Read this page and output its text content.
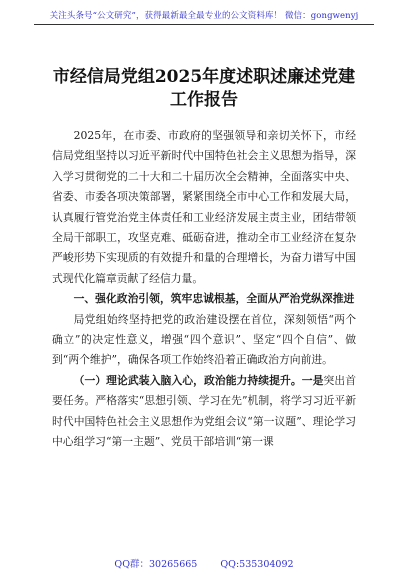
关注头条号“公文研究”，获得最新最全最专业的公文资料库！ 微信：gongwenyj
市经信局党组2025年度述职述廉述党建
工作报告

2025年，在市委、市政府的坚强领导和亲切关怀下，市经信局党组坚持以习近平新时代中国特色社会主义思想为指导，深入学习贯彻党的二十大和二十届历次全会精神，全面落实中央、省委、市委各项决策部署，紧紧围绕全市中心工作和发展大局，认真履行管党治党主体责任和工业经济发展主责主业，团结带领全局干部职工，攻坚克难、砥砺奋进，推动全市工业经济在复杂严峻形势下实现质的有效提升和量的合理增长，为奋力谱写中国式现代化篇章贡献了经信力量。

一、强化政治引领，筑牢忠诚根基，全面从严治党纵深推进

局党组始终坚持把党的政治建设摆在首位，深刻领悟“两个确立”的决定性意义，增强“四个意识”、坚定“四个自信”、做到“两个维护”，确保各项工作始终沿着正确政治方向前进。

（一）理论武装入脑入心，政治能力持续提升。一是突出首要任务。严格落实“思想引领、学习在先”机制，将学习习近平新时代中国特色社会主义思想作为党组会议“第一议题”、理论学习中心组学习“第一主题”、党员干部培训“第一课

QQ群：30265665 QQ:535304092
